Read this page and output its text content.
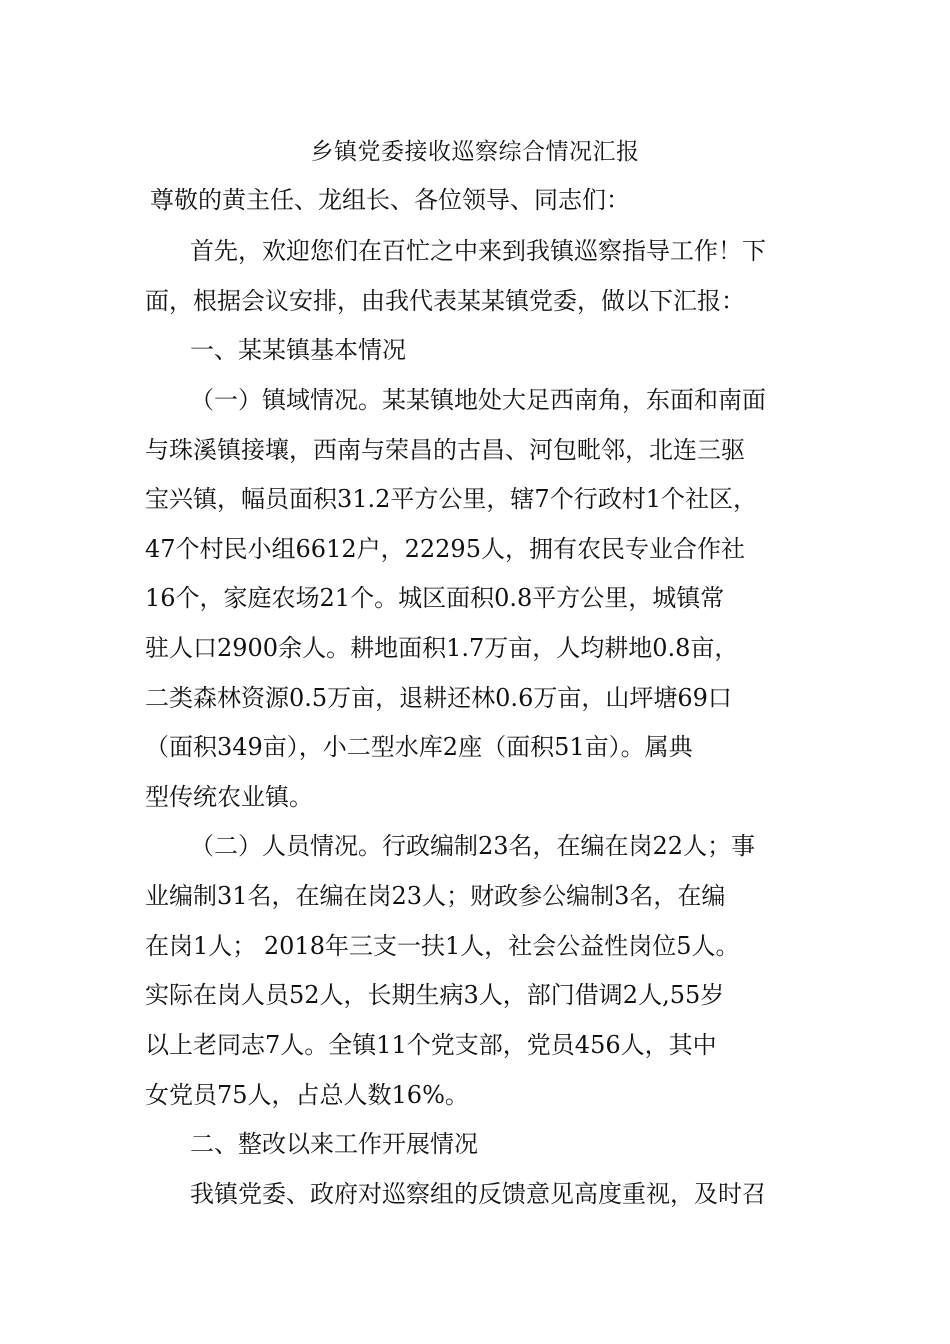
乡镇党委接收巡察综合情况汇报
尊敬的黄主任、龙组长、各位领导、同志们：
首先，欢迎您们在百忙之中来到我镇巡察指导工作！下
面，根据会议安排，由我代表某某镇党委，做以下汇报：
一、某某镇基本情况
（一）镇域情况。某某镇地处大足西南角，东面和南面
与珠溪镇接壤，西南与荣昌的古昌、河包毗邻，北连三驱
宝兴镇，幅员面积31.2平方公里，辖7个行政村1个社区，
47个村民小组6612户，22295人，拥有农民专业合作社
16个，家庭农场21个。城区面积0.8平方公里，城镇常
驻人口2900余人。耕地面积1.7万亩，人均耕地0.8亩，
二类森林资源0.5万亩，退耕还林0.6万亩，山坪塘69口
（面积349亩），小二型水库2座（面积51亩）。属典
型传统农业镇。
（二）人员情况。行政编制23名，在编在岗22人；事
业编制31名，在编在岗23人；财政参公编制3名，在编
在岗1人； 2018年三支一扶1人，社会公益性岗位5人。
实际在岗人员52人，长期生病3人，部门借调2人,55岁
以上老同志7人。全镇11个党支部，党员456人，其中
女党员75人，占总人数16%。
二、整改以来工作开展情况
我镇党委、政府对巡察组的反馈意见高度重视，及时召
